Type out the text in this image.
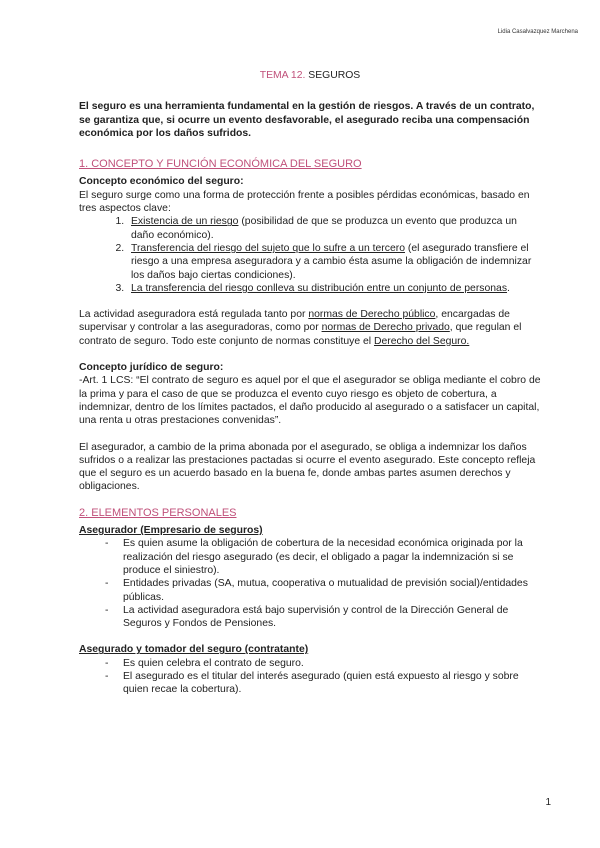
Lidia Casalvazquez Marchena
TEMA 12. SEGUROS

El seguro es una herramienta fundamental en la gestión de riesgos. A través de un contrato, se garantiza que, si ocurre un evento desfavorable, el asegurado reciba una compensación económica por los daños sufridos.

1. CONCEPTO Y FUNCIÓN ECONÓMICA DEL SEGURO

Concepto económico del seguro:

El seguro surge como una forma de protección frente a posibles pérdidas económicas, basado en tres aspectos clave:

1. Existencia de un riesgo (posibilidad de que se produzca un evento que produzca un daño económico).
2. Transferencia del riesgo del sujeto que lo sufre a un tercero (el asegurado transfiere el riesgo a una empresa aseguradora y a cambio ésta asume la obligación de indemnizar los daños bajo ciertas condiciones).
3. La transferencia del riesgo conlleva su distribución entre un conjunto de personas.

La actividad aseguradora está regulada tanto por normas de Derecho público, encargadas de supervisar y controlar a las aseguradoras, como por normas de Derecho privado, que regulan el contrato de seguro. Todo este conjunto de normas constituye el Derecho del Seguro.

Concepto jurídico de seguro:

-Art. 1 LCS: “El contrato de seguro es aquel por el que el asegurador se obliga mediante el cobro de la prima y para el caso de que se produzca el evento cuyo riesgo es objeto de cobertura, a indemnizar, dentro de los límites pactados, el daño producido al asegurado o a satisfacer un capital, una renta u otras prestaciones convenidas”.

El asegurador, a cambio de la prima abonada por el asegurado, se obliga a indemnizar los daños sufridos o a realizar las prestaciones pactadas si ocurre el evento asegurado. Este concepto refleja que el seguro es un acuerdo basado en la buena fe, donde ambas partes asumen derechos y obligaciones.

2. ELEMENTOS PERSONALES

Asegurador (Empresario de seguros)

- Es quien asume la obligación de cobertura de la necesidad económica originada por la realización del riesgo asegurado (es decir, el obligado a pagar la indemnización si se produce el siniestro).
- Entidades privadas (SA, mutua, cooperativa o mutualidad de previsión social)/entidades públicas.
- La actividad aseguradora está bajo supervisión y control de la Dirección General de Seguros y Fondos de Pensiones.

Asegurado y tomador del seguro (contratante)

- Es quien celebra el contrato de seguro.
- El asegurado es el titular del interés asegurado (quien está expuesto al riesgo y sobre quien recae la cobertura).
1
